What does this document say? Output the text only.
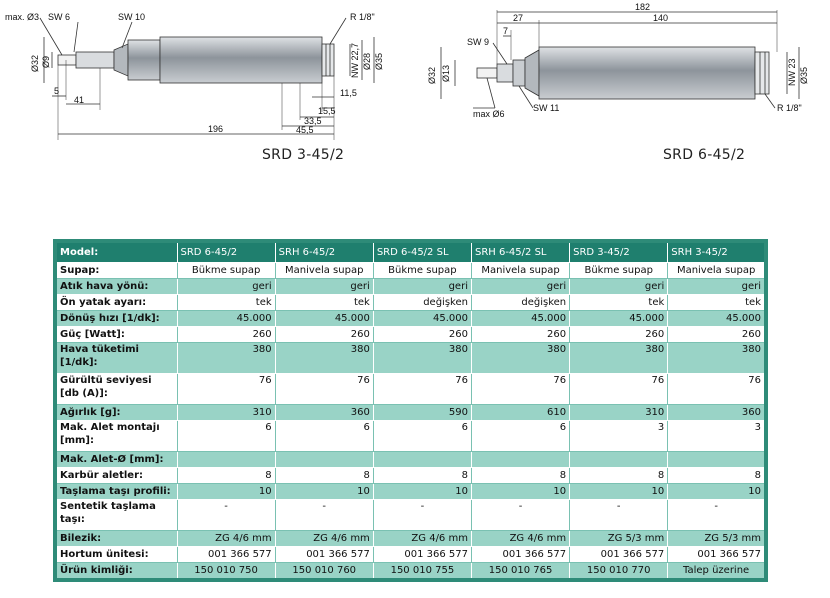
max. Ø3 SW 6	SW 10	R 1/8"
Ø32 Ø9	NW 22,7 Ø28 Ø35
5
41
11,5
15,5
33,5
196	45,5
SRD 3-45/2
182
27	140
7
SW 9
Ø32 Ø13	NW 23 Ø35
max Ø6
SW 11	R 1/8"
SRD 6-45/2
Model:	SRD 6-45/2	SRH 6-45/2	SRD 6-45/2 SL	SRH 6-45/2 SL	SRD 3-45/2	SRH 3-45/2
Supap:	Bükme supap	Manivela supap	Bükme supap	Manivela supap	Bükme supap	Manivela supap
Atık hava yönü:	geri	geri	geri	geri	geri	geri
Ön yatak ayarı:	tek	tek	değişken	değişken	tek	tek
Dönüş hızı [1/dk]:	45.000	45.000	45.000	45.000	45.000	45.000
Güç [Watt]:	260	260	260	260	260	260
Hava tüketimi [1/dk]:	380	380	380	380	380	380
Gürültü seviyesi [db (A)]:	76	76	76	76	76	76
Ağırlık [g]:	310	360	590	610	310	360
Mak. Alet montajı [mm]:	6	6	6	6	3	3
Mak. Alet-Ø [mm]:						
Karbür aletler:	8	8	8	8	8	8
Taşlama taşı profili:	10	10	10	10	10	10
Sentetik taşlama taşı:	-	-	-	-	-	-
Bilezik:	ZG 4/6 mm	ZG 4/6 mm	ZG 4/6 mm	ZG 4/6 mm	ZG 5/3 mm	ZG 5/3 mm
Hortum ünitesi:	001 366 577	001 366 577	001 366 577	001 366 577	001 366 577	001 366 577
Ürün kimliği:	150 010 750	150 010 760	150 010 755	150 010 765	150 010 770	Talep üzerine
